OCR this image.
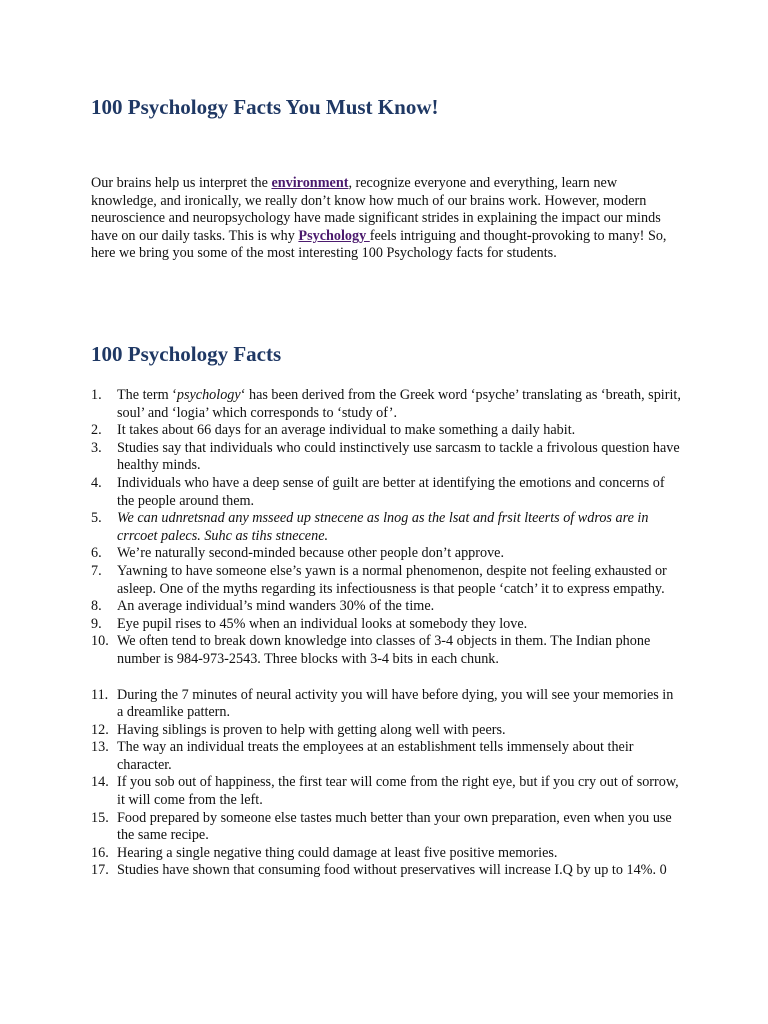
100 Psychology Facts You Must Know!

Our brains help us interpret the environment, recognize everyone and everything, learn new knowledge, and ironically, we really don’t know how much of our brains work. However, modern neuroscience and neuropsychology have made significant strides in explaining the impact our minds have on our daily tasks. This is why Psychology feels intriguing and thought-provoking to many! So, here we bring you some of the most interesting 100 Psychology facts for students.

100 Psychology Facts
1.	The term ‘psychology‘ has been derived from the Greek word ‘psyche’ translating as ‘breath, spirit, soul’ and ‘logia’ which corresponds to ‘study of’.
2.	It takes about 66 days for an average individual to make something a daily habit.
3.	Studies say that individuals who could instinctively use sarcasm to tackle a frivolous question have healthy minds.
4.	Individuals who have a deep sense of guilt are better at identifying the emotions and concerns of the people around them.
5.	We can udnretsnad any msseed up stnecene as lnog as the lsat and frsit lteerts of wdros are in crrcoet palecs. Suhc as tihs stnecene.
6.	We’re naturally second-minded because other people don’t approve.
7.	Yawning to have someone else’s yawn is a normal phenomenon, despite not feeling exhausted or asleep. One of the myths regarding its infectiousness is that people ‘catch’ it to express empathy.
8.	An average individual’s mind wanders 30% of the time.
9.	Eye pupil rises to 45% when an individual looks at somebody they love.
10. We often tend to break down knowledge into classes of 3-4 objects in them. The Indian phone number is 984-973-2543. Three blocks with 3-4 bits in each chunk.
11. During the 7 minutes of neural activity you will have before dying, you will see your memories in a dreamlike pattern.
12. Having siblings is proven to help with getting along well with peers.
13. The way an individual treats the employees at an establishment tells immensely about their character.
14. If you sob out of happiness, the first tear will come from the right eye, but if you cry out of sorrow, it will come from the left.
15. Food prepared by someone else tastes much better than your own preparation, even when you use the same recipe.
16. Hearing a single negative thing could damage at least five positive memories.
17. Studies have shown that consuming food without preservatives will increase I.Q by up to 14%. 0
